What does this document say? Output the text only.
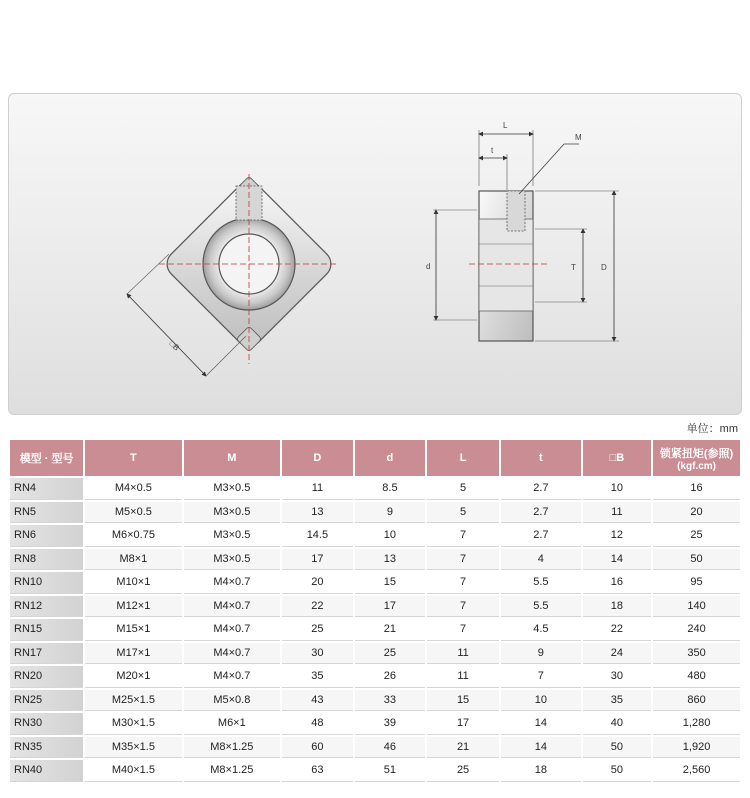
□B
L
t
M
d	T	D
单位：mm
模型 · 型号	T	M	D	d	L	t	□B	锁紧扭矩(参照)
(kgf.cm)

RN4	M4×0.5	M3×0.5	11	8.5	5	2.7	10	16
RN5	M5×0.5	M3×0.5	13	9	5	2.7	11	20
RN6	M6×0.75	M3×0.5	14.5	10	7	2.7	12	25
RN8	M8×1	M3×0.5	17	13	7	4	14	50
RN10	M10×1	M4×0.7	20	15	7	5.5	16	95
RN12	M12×1	M4×0.7	22	17	7	5.5	18	140
RN15	M15×1	M4×0.7	25	21	7	4.5	22	240
RN17	M17×1	M4×0.7	30	25	11	9	24	350
RN20	M20×1	M4×0.7	35	26	11	7	30	480
RN25	M25×1.5	M5×0.8	43	33	15	10	35	860
RN30	M30×1.5	M6×1	48	39	17	14	40	1,280
RN35	M35×1.5	M8×1.25	60	46	21	14	50	1,920
RN40	M40×1.5	M8×1.25	63	51	25	18	50	2,560
